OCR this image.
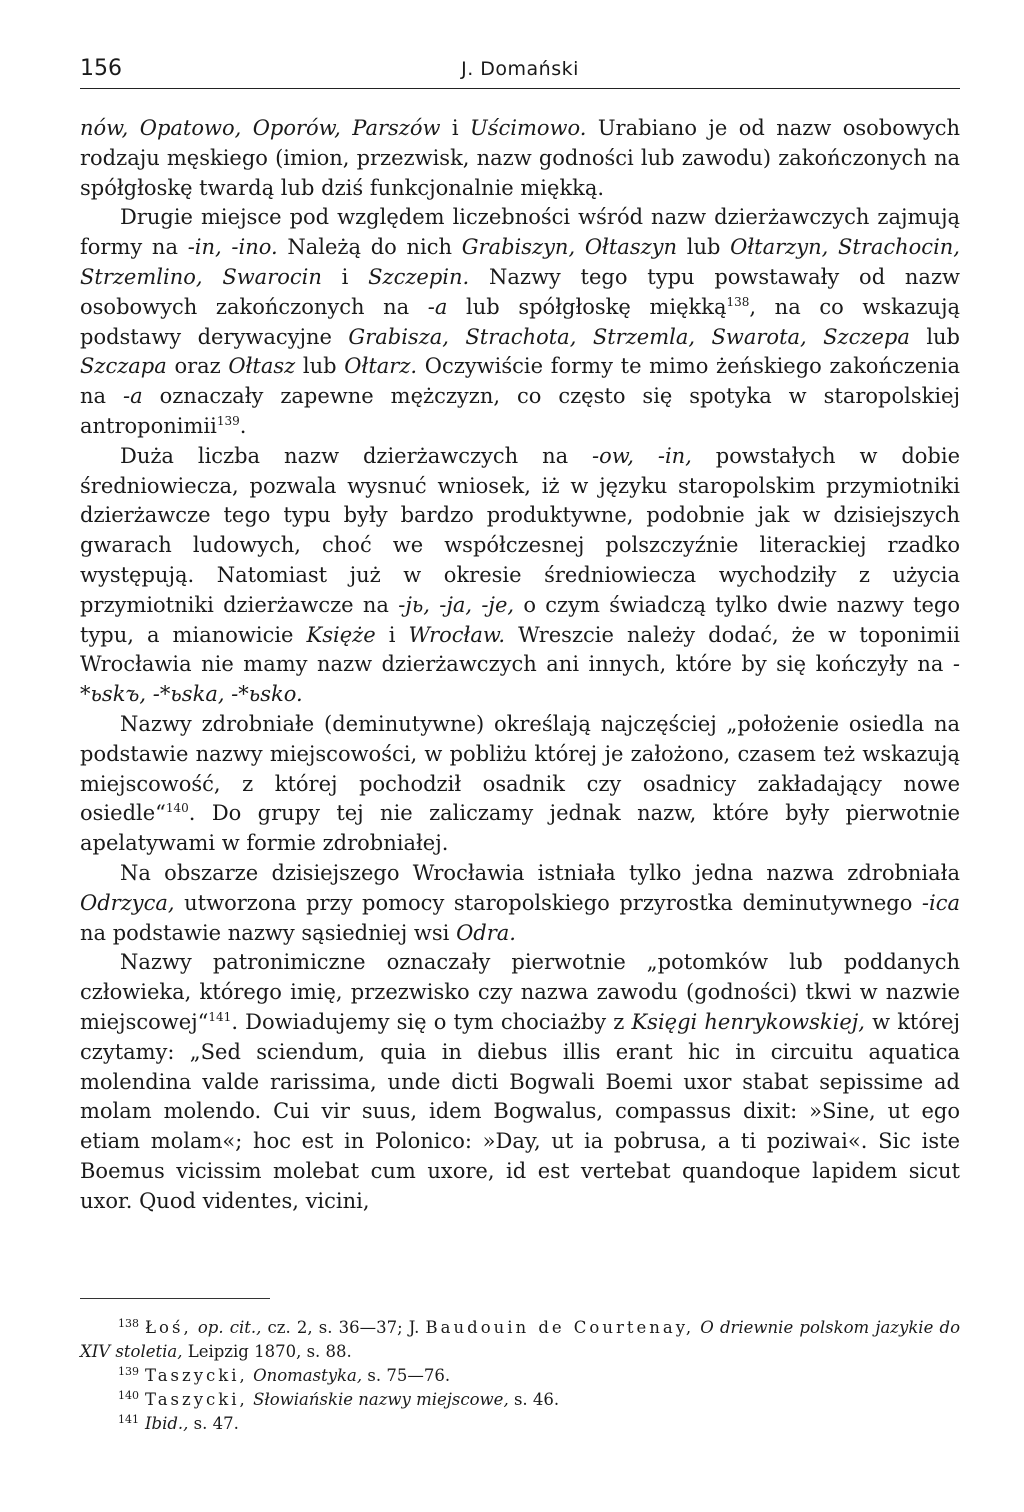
156	J. Domański

nów, Opatowo, Oporów, Parszów i Uścimowo. Urabiano je od nazw osobowych rodzaju męskiego (imion, przezwisk, nazw godności lub zawodu) zakończonych na spółgłoskę twardą lub dziś funkcjonalnie miękką.

Drugie miejsce pod względem liczebności wśród nazw dzierżawczych zajmują formy na -in, -ino. Należą do nich Grabiszyn, Ołtaszyn lub Ołtarzyn, Strachocin, Strzemlino, Swarocin i Szczepin. Nazwy tego typu powstawały od nazw osobowych zakończonych na -a lub spółgłoskę miękką$^{138}$, na co wskazują podstawy derywacyjne Grabisza, Strachota, Strzemla, Swarota, Szczepa lub Szczapa oraz Ołtasz lub Ołtarz. Oczywiście formy te mimo żeńskiego zakończenia na -a oznaczały zapewne mężczyzn, co często się spotyka w staropolskiej antroponimii$^{139}$.

Duża liczba nazw dzierżawczych na -ow, -in, powstałych w dobie średniowiecza, pozwala wysnuć wniosek, iż w języku staropolskim przymiotniki dzierżawcze tego typu były bardzo produktywne, podobnie jak w dzisiejszych gwarach ludowych, choć we współczesnej polszczyźnie literackiej rzadko występują. Natomiast już w okresie średniowiecza wychodziły z użycia przymiotniki dzierżawcze na -jь, -ja, -je, o czym świadczą tylko dwie nazwy tego typu, a mianowicie Księże i Wrocław. Wreszcie należy dodać, że w toponimii Wrocławia nie mamy nazw dzierżawczych ani innych, które by się kończyły na -*ьskъ, -*ьska, -*ьsko.

Nazwy zdrobniałe (deminutywne) określają najczęściej „położenie osiedla na podstawie nazwy miejscowości, w pobliżu której je założono, czasem też wskazują miejscowość, z której pochodził osadnik czy osadnicy zakładający nowe osiedle“$^{140}$. Do grupy tej nie zaliczamy jednak nazw, które były pierwotnie apelatywami w formie zdrobniałej.

Na obszarze dzisiejszego Wrocławia istniała tylko jedna nazwa zdrobniała Odrzyca, utworzona przy pomocy staropolskiego przyrostka deminutywnego -ica na podstawie nazwy sąsiedniej wsi Odra.

Nazwy patronimiczne oznaczały pierwotnie „potomków lub poddanych człowieka, którego imię, przezwisko czy nazwa zawodu (godności) tkwi w nazwie miejscowej“$^{141}$. Dowiadujemy się o tym chociażby z Księgi henrykowskiej, w której czytamy: „Sed sciendum, quia in diebus illis erant hic in circuitu aquatica molendina valde rarissima, unde dicti Bogwali Boemi uxor stabat sepissime ad molam molendo. Cui vir suus, idem Bogwalus, compassus dixit: »Sine, ut ego etiam molam«; hoc est in Polonico: »Day, ut ia pobrusa, a ti poziwai«. Sic iste Boemus vicissim molebat cum uxore, id est vertebat quandoque lapidem sicut uxor. Quod videntes, vicini,

$^{138}$ Łoś, op. cit., cz. 2, s. 36—37; J. Baudouin de Courtenay, O driewnie polskom jazykie do XIV stoletia, Leipzig 1870, s. 88.

$^{139}$ Taszycki, Onomastyka, s. 75—76.

$^{140}$ Taszycki, Słowiańskie nazwy miejscowe, s. 46.

$^{141}$ Ibid., s. 47.
